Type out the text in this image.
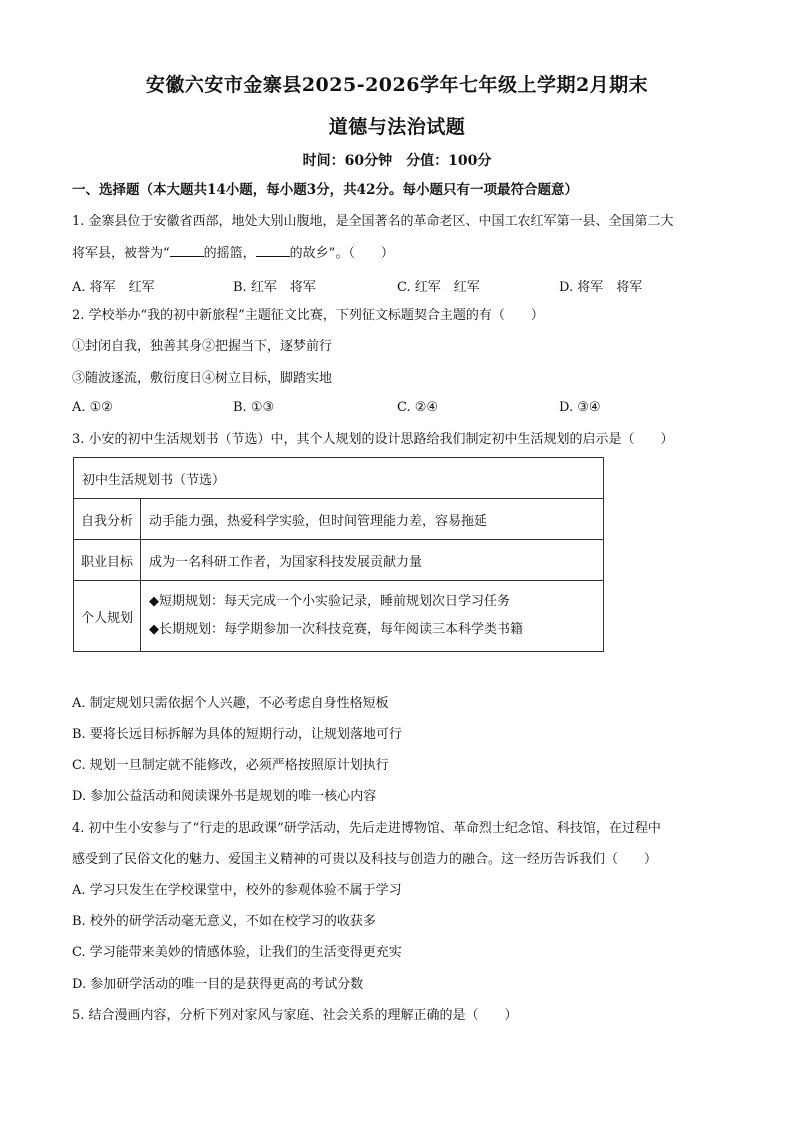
安徽六安市金寨县2025-2026学年七年级上学期2月期末
道德与法治试题
时间：60分钟　分值：100分
一、选择题（本大题共14小题，每小题3分，共42分。每小题只有一项最符合题意）
1. 金寨县位于安徽省西部，地处大别山腹地，是全国著名的革命老区、中国工农红军第一县、全国第二大
将军县，被誉为“	的摇篮，	的故乡”。（　　）
A. 将军　红军	B. 红军　将军	C. 红军　红军	D. 将军　将军
2. 学校举办“我的初中新旅程”主题征文比赛，下列征文标题契合主题的有（　　）
①封闭自我，独善其身②把握当下，逐梦前行
③随波逐流，敷衍度日④树立目标，脚踏实地
A. ①②	B. ①③	C. ②④	D. ③④
3. 小安的初中生活规划书（节选）中，其个人规划的设计思路给我们制定初中生活规划的启示是（　　）
初中生活规划书（节选）	
自我分析	动手能力强，热爱科学实验，但时间管理能力差，容易拖延
职业目标	成为一名科研工作者，为国家科技发展贡献力量
个人规划	◆短期规划：每天完成一个小实验记录，睡前规划次日学习任务
◆长期规划：每学期参加一次科技竞赛，每年阅读三本科学类书籍
A. 制定规划只需依据个人兴趣，不必考虑自身性格短板
B. 要将长远目标拆解为具体的短期行动，让规划落地可行
C. 规划一旦制定就不能修改，必须严格按照原计划执行
D. 参加公益活动和阅读课外书是规划的唯一核心内容
4. 初中生小安参与了“行走的思政课”研学活动，先后走进博物馆、革命烈士纪念馆、科技馆，在过程中
感受到了民俗文化的魅力、爱国主义精神的可贵以及科技与创造力的融合。这一经历告诉我们（　　）
A. 学习只发生在学校课堂中，校外的参观体验不属于学习
B. 校外的研学活动毫无意义，不如在校学习的收获多
C. 学习能带来美妙的情感体验，让我们的生活变得更充实
D. 参加研学活动的唯一目的是获得更高的考试分数
5. 结合漫画内容，分析下列对家风与家庭、社会关系的理解正确的是（　　）
